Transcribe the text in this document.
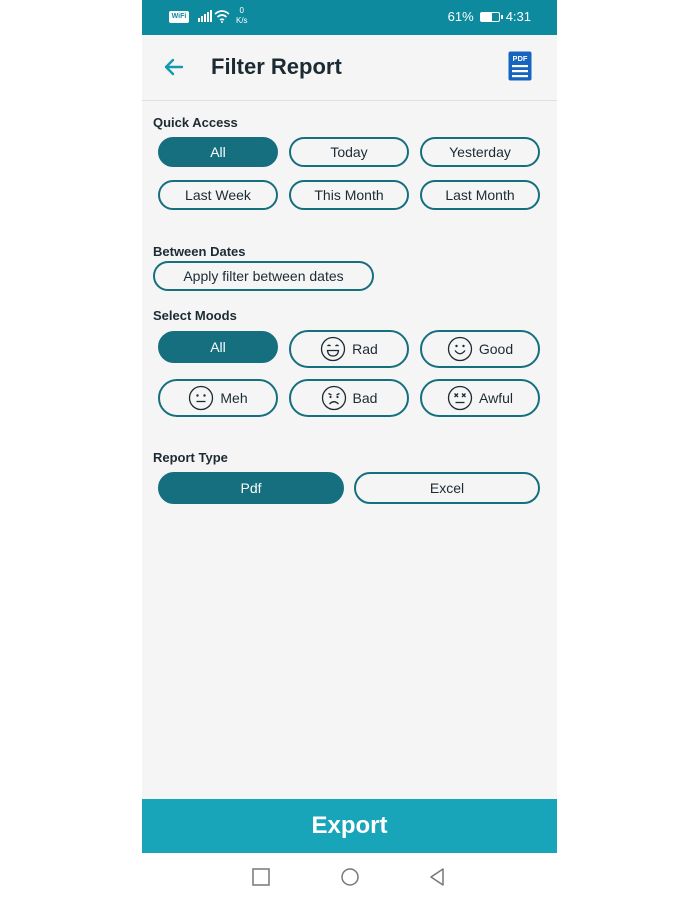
WiFi
0
K/s	61% 4:31
Filter Report	PDF
Quick Access
All	Today	Yesterday
Last Week	This Month	Last Month
Between Dates
Apply filter between dates
Select Moods
All	Rad	Good
Meh	Bad	Awful
Report Type
Pdf	Excel
Export
